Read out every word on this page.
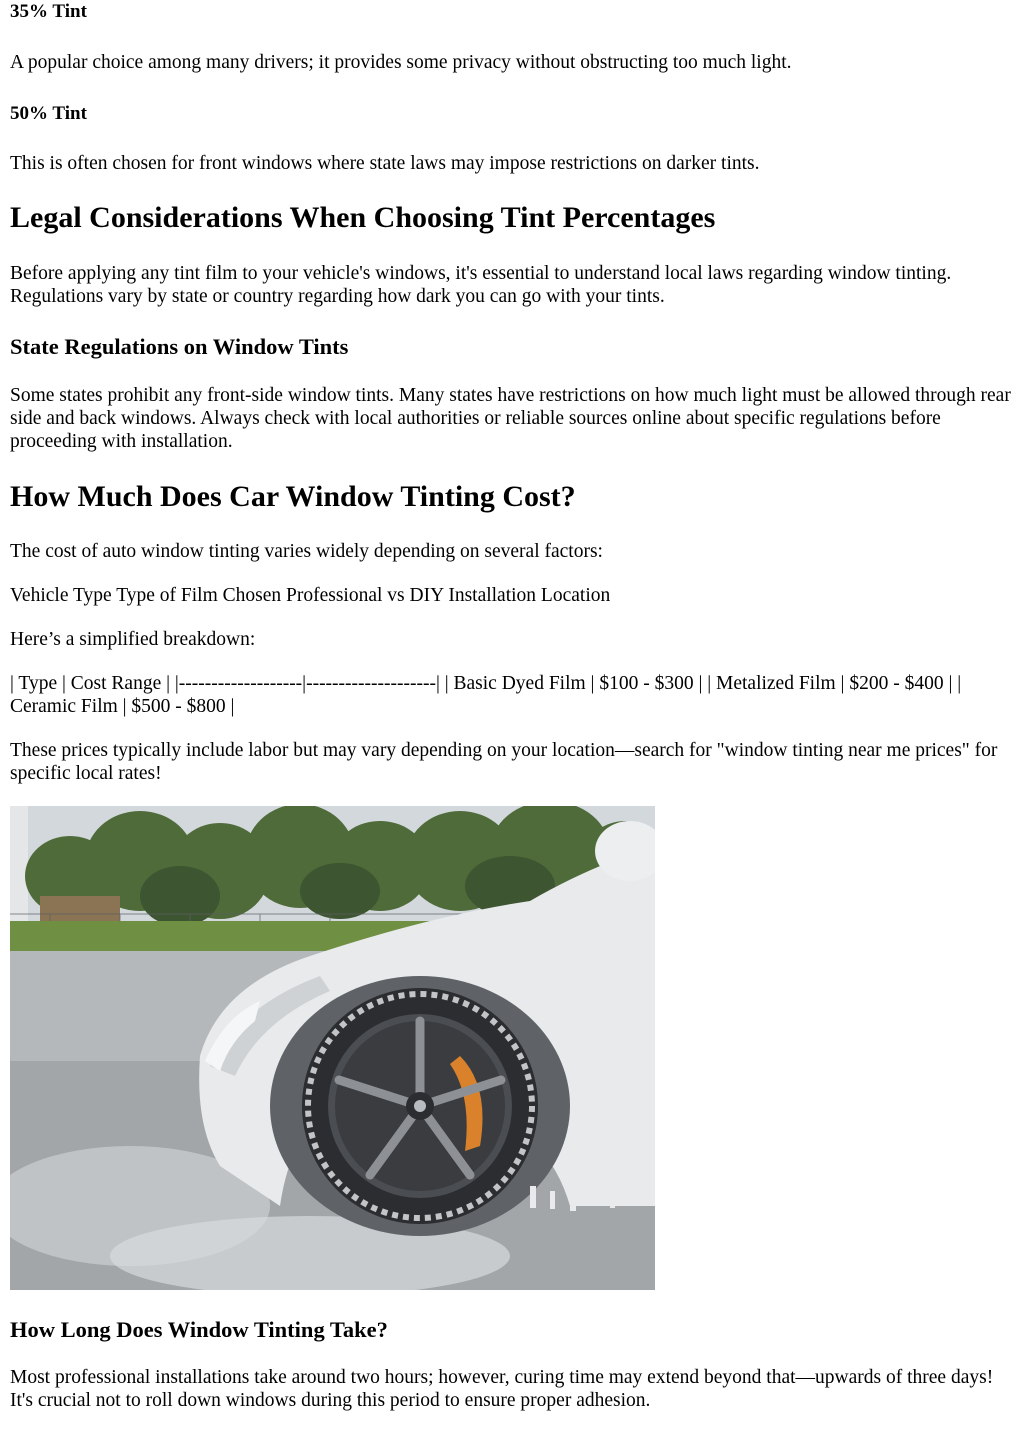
35% Tint

A popular choice among many drivers; it provides some privacy without obstructing too much light.

50% Tint

This is often chosen for front windows where state laws may impose restrictions on darker tints.

Legal Considerations When Choosing Tint Percentages

Before applying any tint film to your vehicle's windows, it's essential to understand local laws regarding window tinting. Regulations vary by state or country regarding how dark you can go with your tints.

State Regulations on Window Tints

Some states prohibit any front-side window tints. Many states have restrictions on how much light must be allowed through rear side and back windows. Always check with local authorities or reliable sources online about specific regulations before proceeding with installation.

How Much Does Car Window Tinting Cost?

The cost of auto window tinting varies widely depending on several factors:

Vehicle Type Type of Film Chosen Professional vs DIY Installation Location

Here’s a simplified breakdown:

| Type | Cost Range | |-------------------|--------------------| | Basic Dyed Film | $100 - $300 | | Metalized Film | $200 - $400 | | Ceramic Film | $500 - $800 |

These prices typically include labor but may vary depending on your location—search for "window tinting near me prices" for specific local rates!

How Long Does Window Tinting Take?

Most professional installations take around two hours; however, curing time may extend beyond that—upwards of three days! It's crucial not to roll down windows during this period to ensure proper adhesion.
